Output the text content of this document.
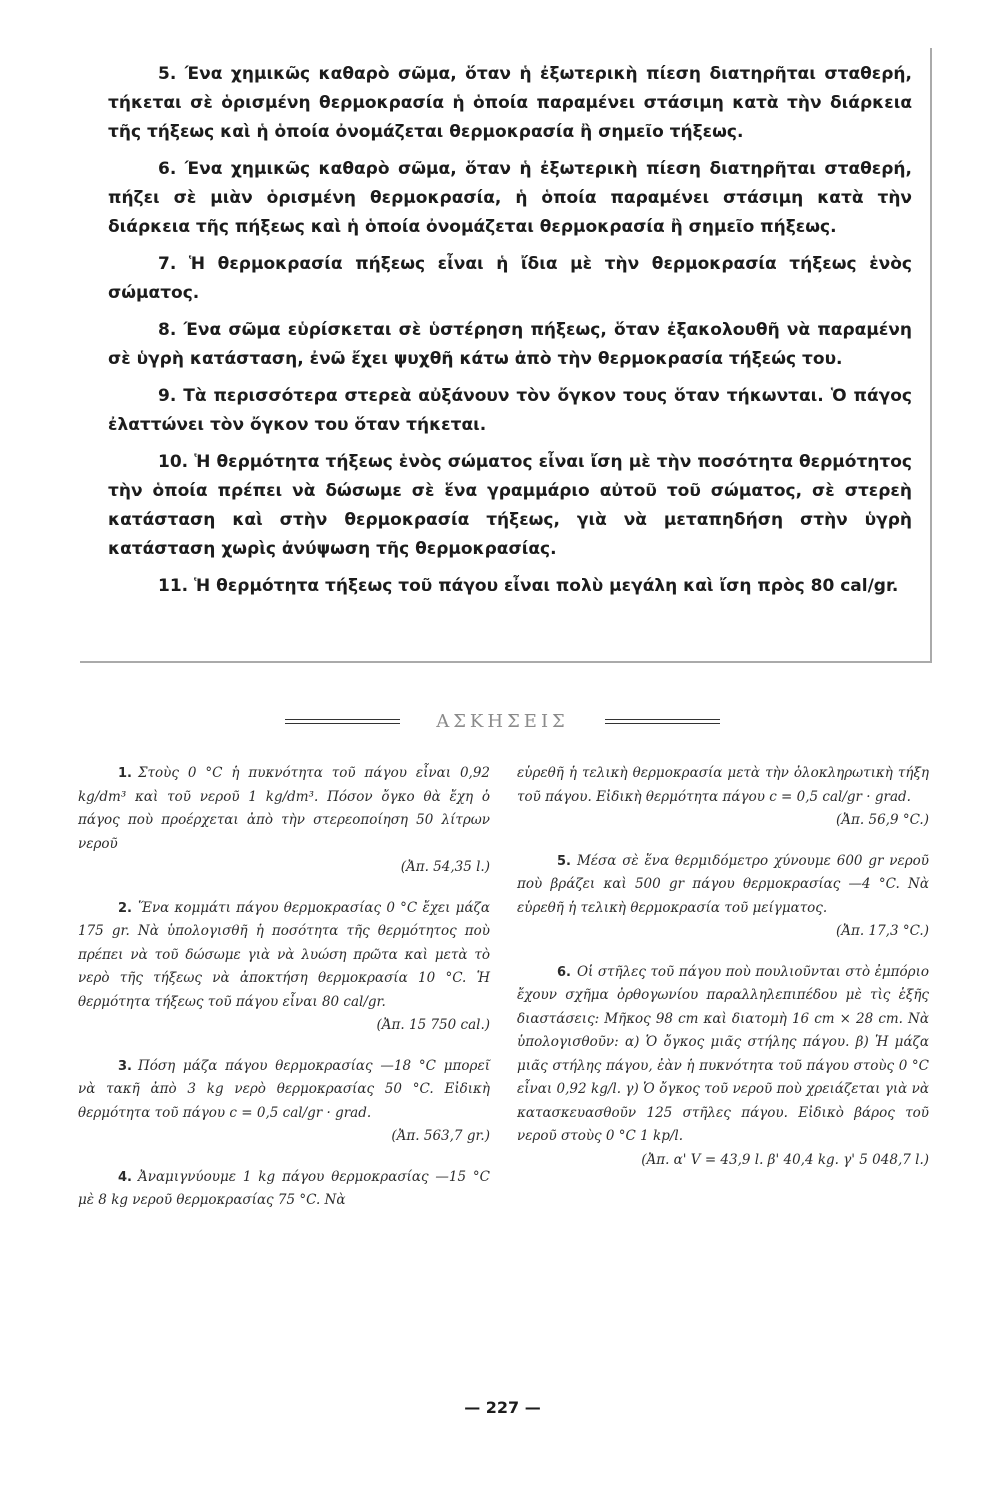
5. Ένα χημικῶς καθαρὸ σῶμα, ὅταν ἡ ἐξωτερικὴ πίεση διατηρῆται σταθερή, τήκεται σὲ ὁρισμένη θερμοκρασία ἡ ὁποία παραμένει στάσιμη κατὰ τὴν διάρκεια τῆς τήξεως καὶ ἡ ὁποία ὀνομάζεται θερμοκρασία ἢ σημεῖο τήξεως.

6. Ένα χημικῶς καθαρὸ σῶμα, ὅταν ἡ ἐξωτερικὴ πίεση διατηρῆται σταθερή, πήζει σὲ μιὰν ὁρισμένη θερμοκρασία, ἡ ὁποία παραμένει στάσιμη κατὰ τὴν διάρκεια τῆς πήξεως καὶ ἡ ὁποία ὀνομάζεται θερμοκρασία ἢ σημεῖο πήξεως.

7. Ἡ θερμοκρασία πήξεως εἶναι ἡ ἴδια μὲ τὴν θερμοκρασία τήξεως ἑνὸς σώματος.

8. Ένα σῶμα εὑρίσκεται σὲ ὑστέρηση πήξεως, ὅταν ἐξακολουθῆ νὰ παραμένη σὲ ὑγρὴ κατάσταση, ἐνῶ ἔχει ψυχθῆ κάτω ἀπὸ τὴν θερμοκρασία τήξεώς του.

9. Τὰ περισσότερα στερεὰ αὐξάνουν τὸν ὄγκον τους ὅταν τήκωνται. Ὁ πάγος ἐλαττώνει τὸν ὄγκον του ὅταν τήκεται.

10. Ἡ θερμότητα τήξεως ἑνὸς σώματος εἶναι ἴση μὲ τὴν ποσότητα θερμότητος τὴν ὁποία πρέπει νὰ δώσωμε σὲ ἕνα γραμμάριο αὐτοῦ τοῦ σώματος, σὲ στερεὴ κατάσταση καὶ στὴν θερμοκρασία τήξεως, γιὰ νὰ μεταπηδήση στὴν ὑγρὴ κατάσταση χωρὶς ἀνύψωση τῆς θερμοκρασίας.

11. Ἡ θερμότητα τήξεως τοῦ πάγου εἶναι πολὺ μεγάλη καὶ ἴση πρὸς 80 cal/gr.

ΑΣΚΗΣΕΙΣ

1. Στοὺς 0 °C ἡ πυκνότητα τοῦ πάγου εἶναι 0,92 kg/dm³ καὶ τοῦ νεροῦ 1 kg/dm³. Πόσον ὄγκο θὰ ἔχη ὁ πάγος ποὺ προέρχεται ἀπὸ τὴν στερεοποίηση 50 λίτρων νεροῦ

(Ἀπ. 54,35 l.)

2. Ἕνα κομμάτι πάγου θερμοκρασίας 0 °C ἔχει μάζα 175 gr. Νὰ ὑπολογισθῆ ἡ ποσότητα τῆς θερμότητος ποὺ πρέπει νὰ τοῦ δώσωμε γιὰ νὰ λυώση πρῶτα καὶ μετὰ τὸ νερὸ τῆς τήξεως νὰ ἀποκτήση θερμοκρασία 10 °C. Ἡ θερμότητα τήξεως τοῦ πάγου εἶναι 80 cal/gr.

(Ἀπ. 15 750 cal.)

3. Πόση μάζα πάγου θερμοκρασίας —18 °C μπορεῖ νὰ τακῆ ἀπὸ 3 kg νερὸ θερμοκρασίας 50 °C. Εἰδικὴ θερμότητα τοῦ πάγου c = 0,5 cal/gr · grad.

(Ἀπ. 563,7 gr.)

4. Ἀναμιγνύουμε 1 kg πάγου θερμοκρασίας —15 °C μὲ 8 kg νεροῦ θερμοκρασίας 75 °C. Νὰ

εὑρεθῆ ἡ τελικὴ θερμοκρασία μετὰ τὴν ὁλοκληρωτικὴ τήξη τοῦ πάγου. Εἰδικὴ θερμότητα πάγου c = 0,5 cal/gr · grad.

(Ἀπ. 56,9 °C.)

5. Μέσα σὲ ἕνα θερμιδόμετρο χύνουμε 600 gr νεροῦ ποὺ βράζει καὶ 500 gr πάγου θερμοκρασίας —4 °C. Νὰ εὑρεθῆ ἡ τελικὴ θερμοκρασία τοῦ μείγματος.

(Ἀπ. 17,3 °C.)

6. Οἱ στῆλες τοῦ πάγου ποὺ πουλιοῦνται στὸ ἐμπόριο ἔχουν σχῆμα ὀρθογωνίου παραλληλεπιπέδου μὲ τὶς ἑξῆς διαστάσεις: Μῆκος 98 cm καὶ διατομὴ 16 cm × 28 cm. Νὰ ὑπολογισθοῦν: α) Ὁ ὄγκος μιᾶς στήλης πάγου. β) Ἡ μάζα μιᾶς στήλης πάγου, ἐὰν ἡ πυκνότητα τοῦ πάγου στοὺς 0 °C εἶναι 0,92 kg/l. γ) Ὁ ὄγκος τοῦ νεροῦ ποὺ χρειάζεται γιὰ νὰ κατασκευασθοῦν 125 στῆλες πάγου. Εἰδικὸ βάρος τοῦ νεροῦ στοὺς 0 °C 1 kp/l.

(Ἀπ. α' V = 43,9 l. β' 40,4 kg. γ' 5 048,7 l.)

— 227 —
